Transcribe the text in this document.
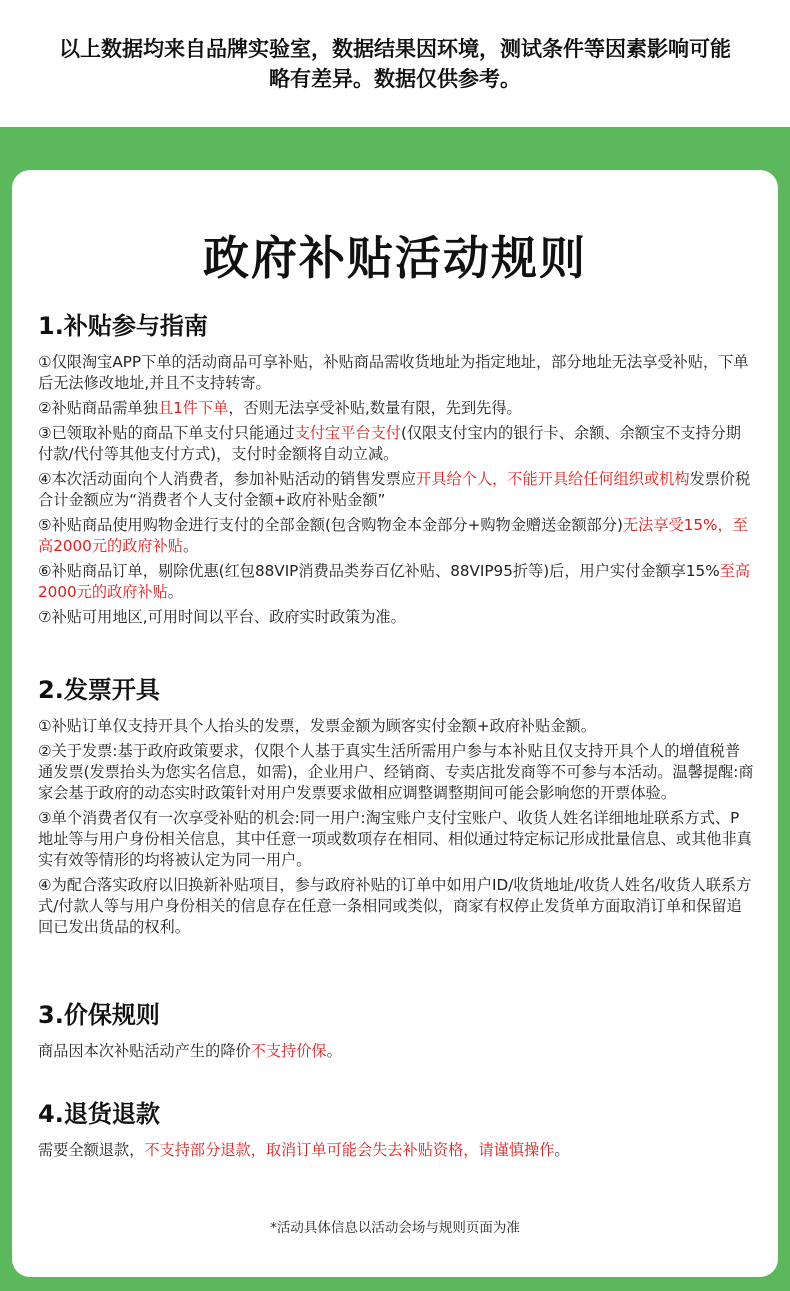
以上数据均来自品牌实验室，数据结果因环境，测试条件等因素影响可能

略有差异。数据仅供参考。

政府补贴活动规则
1.补贴参与指南

①仅限淘宝APP下单的活动商品可享补贴，补贴商品需收货地址为指定地址，部分地址无法享受补贴，下单后无法修改地址,并且不支持转寄。

②补贴商品需单独且1件下单，否则无法享受补贴,数量有限，先到先得。

③已领取补贴的商品下单支付只能通过支付宝平台支付(仅限支付宝内的银行卡、余额、余额宝不支持分期付款/代付等其他支付方式)，支付时金额将自动立减。

④本次活动面向个人消费者，参加补贴活动的销售发票应开具给个人，不能开具给任何组织或机构发票价税合计金额应为“消费者个人支付金额+政府补贴金额”

⑤补贴商品使用购物金进行支付的全部金额(包含购物金本金部分+购物金赠送金额部分)无法享受15%，至高2000元的政府补贴。

⑥补贴商品订单，剔除优惠(红包88VIP消费品类券百亿补贴、88VIP95折等)后，用户实付金额享15%至高2000元的政府补贴。

⑦补贴可用地区,可用时间以平台、政府实时政策为准。

2.发票开具

①补贴订单仅支持开具个人抬头的发票，发票金额为顾客实付金额+政府补贴金额。

②关于发票:基于政府政策要求，仅限个人基于真实生活所需用户参与本补贴且仅支持开具个人的增值税普通发票(发票抬头为您实名信息，如需)，企业用户、经销商、专卖店批发商等不可参与本活动。温馨提醒:商家会基于政府的动态实时政策针对用户发票要求做相应调整调整期间可能会影响您的开票体验。

③单个消费者仅有一次享受补贴的机会:同一用户:淘宝账户支付宝账户、收货人姓名详细地址联系方式、P地址等与用户身份相关信息，其中任意一项或数项存在相同、相似通过特定标记形成批量信息、或其他非真实有效等情形的均将被认定为同一用户。

④为配合落实政府以旧换新补贴项目，参与政府补贴的订单中如用户ID/收货地址/收货人姓名/收货人联系方式/付款人等与用户身份相关的信息存在任意一条相同或类似，商家有权停止发货单方面取消订单和保留追回已发出货品的权利。

3.价保规则

商品因本次补贴活动产生的降价不支持价保。

4.退货退款

需要全额退款，不支持部分退款，取消订单可能会失去补贴资格，请谨慎操作。

*活动具体信息以活动会场与规则页面为准
